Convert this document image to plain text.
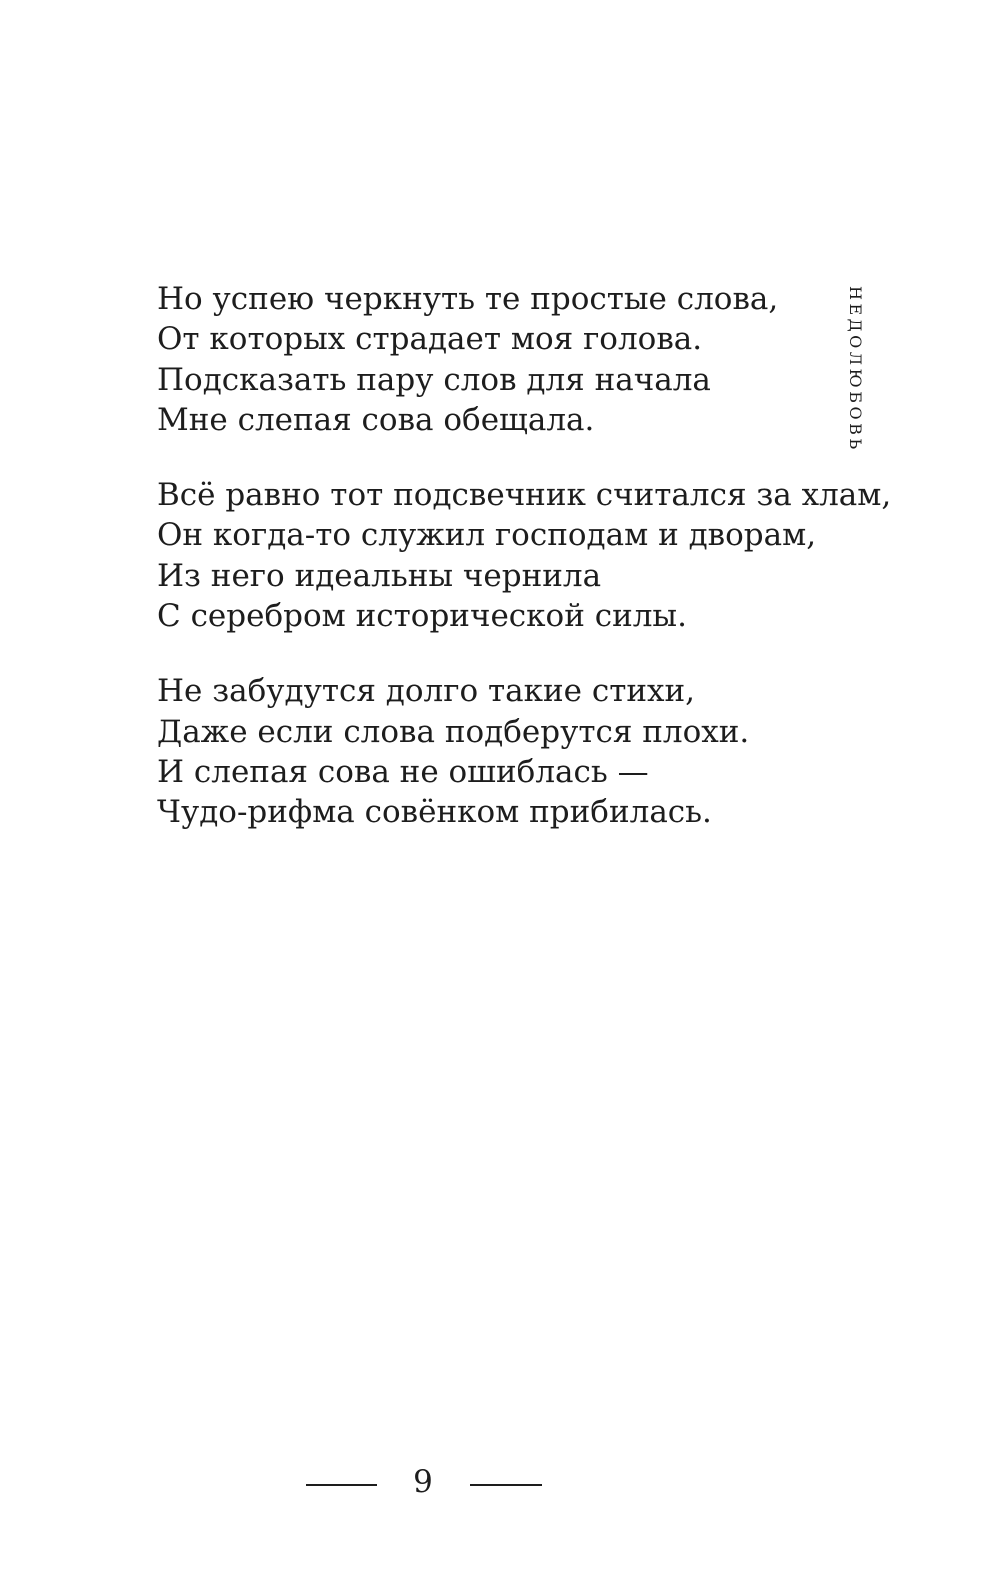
Но успею черкнуть те простые слова,
От которых страдает моя голова.
Подсказать пару слов для начала
Мне слепая сова обещала.

Всё равно тот подсвечник считался за хлам,
Он когда-то служил господам и дворам,
Из него идеальны чернила
С серебром исторической силы.

Не забудутся долго такие стихи,
Даже если слова подберутся плохи.
И слепая сова не ошиблась —
Чудо-рифма совёнком прибилась.

НЕДОЛЮБОВЬ
9
